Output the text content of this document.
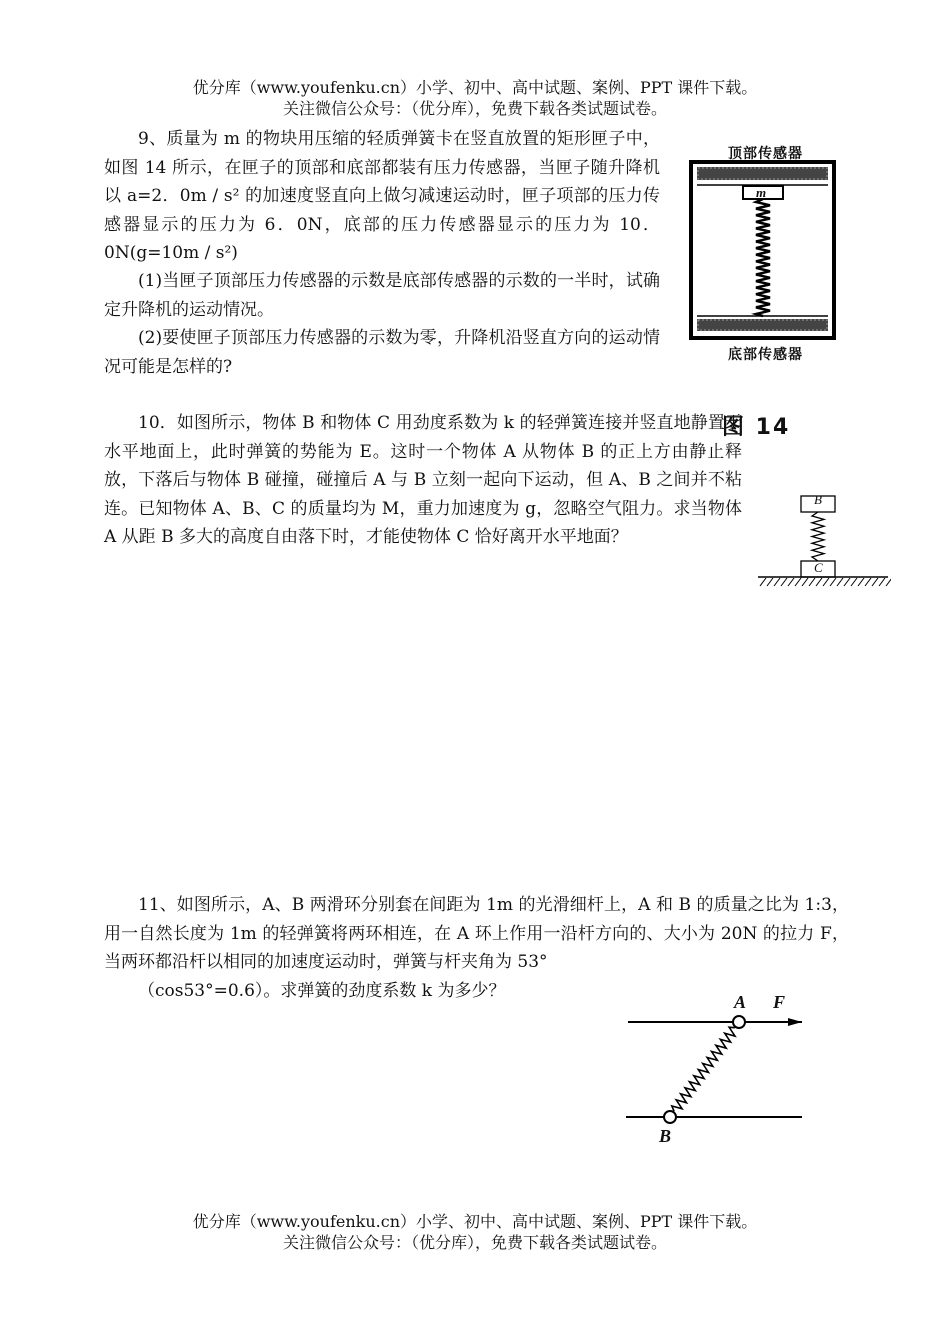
优分库（www.youfenku.cn）小学、初中、高中试题、案例、PPT 课件下载。
关注微信公众号：（优分库），免费下载各类试题试卷。

9、质量为 m 的物块用压缩的轻质弹簧卡在竖直放置的矩形匣子中，如图 14 所示，在匣子的顶部和底部都装有压力传感器，当匣子随升降机以 a=2．0m / s² 的加速度竖直向上做匀减速运动时，匣子项部的压力传感器显示的压力为 6．0N，底部的压力传感器显示的压力为 10．0N(g=10m / s²)

(1)当匣子顶部压力传感器的示数是底部传感器的示数的一半时，试确定升降机的运动情况。

(2)要使匣子顶部压力传感器的示数为零，升降机沿竖直方向的运动情况可能是怎样的?

顶部传感器
m
底部传感器
图 14

10．如图所示，物体 B 和物体 C 用劲度系数为 k 的轻弹簧连接并竖直地静置于水平地面上，此时弹簧的势能为 E。这时一个物体 A 从物体 B 的正上方由静止释放，下落后与物体 B 碰撞，碰撞后 A 与 B 立刻一起向下运动，但 A、B 之间并不粘连。已知物体 A、B、C 的质量均为 M，重力加速度为 g，忽略空气阻力。求当物体 A 从距 B 多大的高度自由落下时，才能使物体 C 恰好离开水平地面？

B
C

11、如图所示，A、B 两滑环分别套在间距为 1m 的光滑细杆上，A 和 B 的质量之比为 1:3，用一自然长度为 1m 的轻弹簧将两环相连，在 A 环上作用一沿杆方向的、大小为 20N 的拉力 F，当两环都沿杆以相同的加速度运动时，弹簧与杆夹角为 53°

（cos53°=0.6）。求弹簧的劲度系数 k 为多少？

A F
B
优分库（www.youfenku.cn）小学、初中、高中试题、案例、PPT 课件下载。
关注微信公众号：（优分库），免费下载各类试题试卷。
